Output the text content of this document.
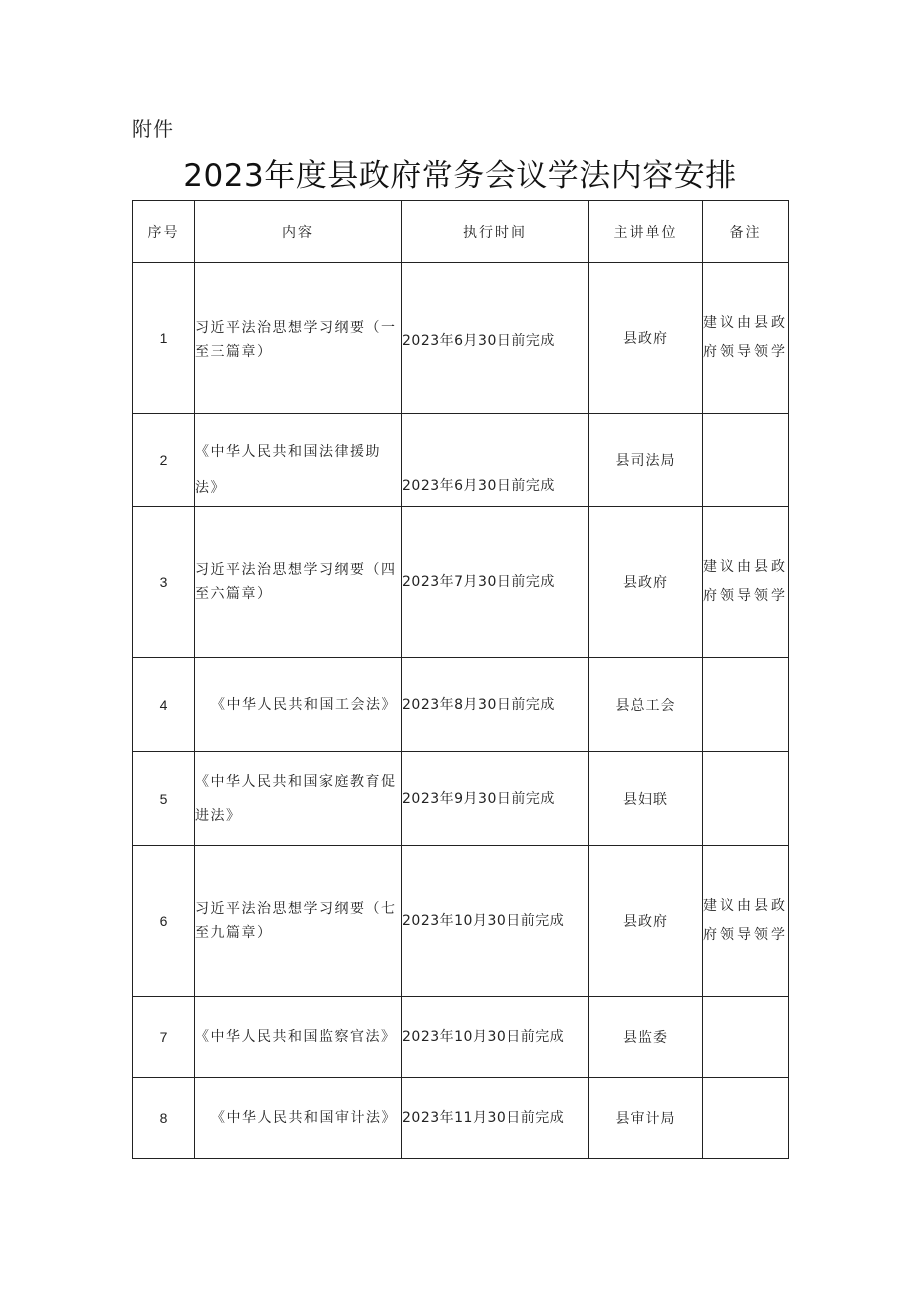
附件
2023年度县政府常务会议学法内容安排
序号	内容	执行时间	主讲单位	备注
1	习近平法治思想学习纲要（一至三篇章）	2023年6月30日前完成	县政府	建议由县政府领导领学

2	《中华人民共和国法律援助法》	2023年6月30日前完成	县司法局	
3	习近平法治思想学习纲要（四至六篇章）	2023年7月30日前完成	县政府	建议由县政府领导领学

4	《中华人民共和国工会法》	2023年8月30日前完成	县总工会	
5	《中华人民共和国家庭教育促进法》	2023年9月30日前完成	县妇联	
6	习近平法治思想学习纲要（七至九篇章）	2023年10月30日前完成	县政府	建议由县政府领导领学

7	《中华人民共和国监察官法》	2023年10月30日前完成	县监委	
8	《中华人民共和国审计法》	2023年11月30日前完成	县审计局	
